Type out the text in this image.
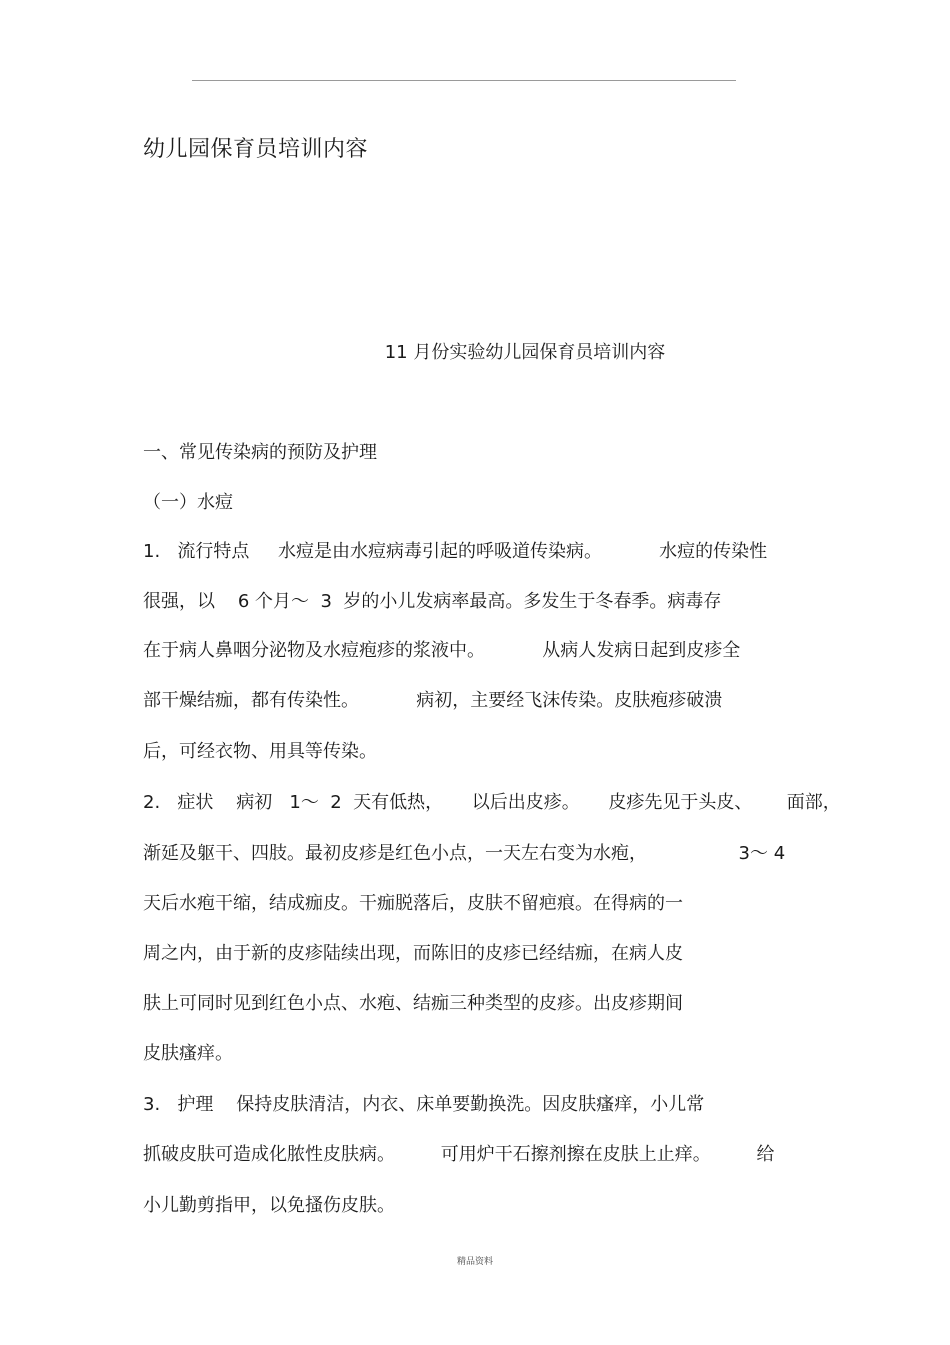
幼儿园保育员培训内容
11 月份实验幼儿园保育员培训内容
一、常见传染病的预防及护理
（一）水痘
1.   流行特点     水痘是由水痘病毒引起的呼吸道传染病。          水痘的传染性
很强，以    6 个月～  3  岁的小儿发病率最高。多发生于冬春季。病毒存
在于病人鼻咽分泌物及水痘疱疹的浆液中。          从病人发病日起到皮疹全
部干燥结痂，都有传染性。          病初，主要经飞沫传染。皮肤疱疹破溃
后，可经衣物、用具等传染。
2.   症状    病初   1～  2  天有低热，     以后出皮疹。     皮疹先见于头皮、      面部，
渐延及躯干、四肢。最初皮疹是红色小点，一天左右变为水疱，                3～ 4
天后水疱干缩，结成痂皮。干痂脱落后，皮肤不留疤痕。在得病的一
周之内，由于新的皮疹陆续出现，而陈旧的皮疹已经结痂，在病人皮
肤上可同时见到红色小点、水疱、结痂三种类型的皮疹。出皮疹期间
皮肤瘙痒。
3.   护理    保持皮肤清洁，内衣、床单要勤换洗。因皮肤瘙痒，小儿常
抓破皮肤可造成化脓性皮肤病。        可用炉干石擦剂擦在皮肤上止痒。        给
小儿勤剪指甲，以免搔伤皮肤。
精品资料
